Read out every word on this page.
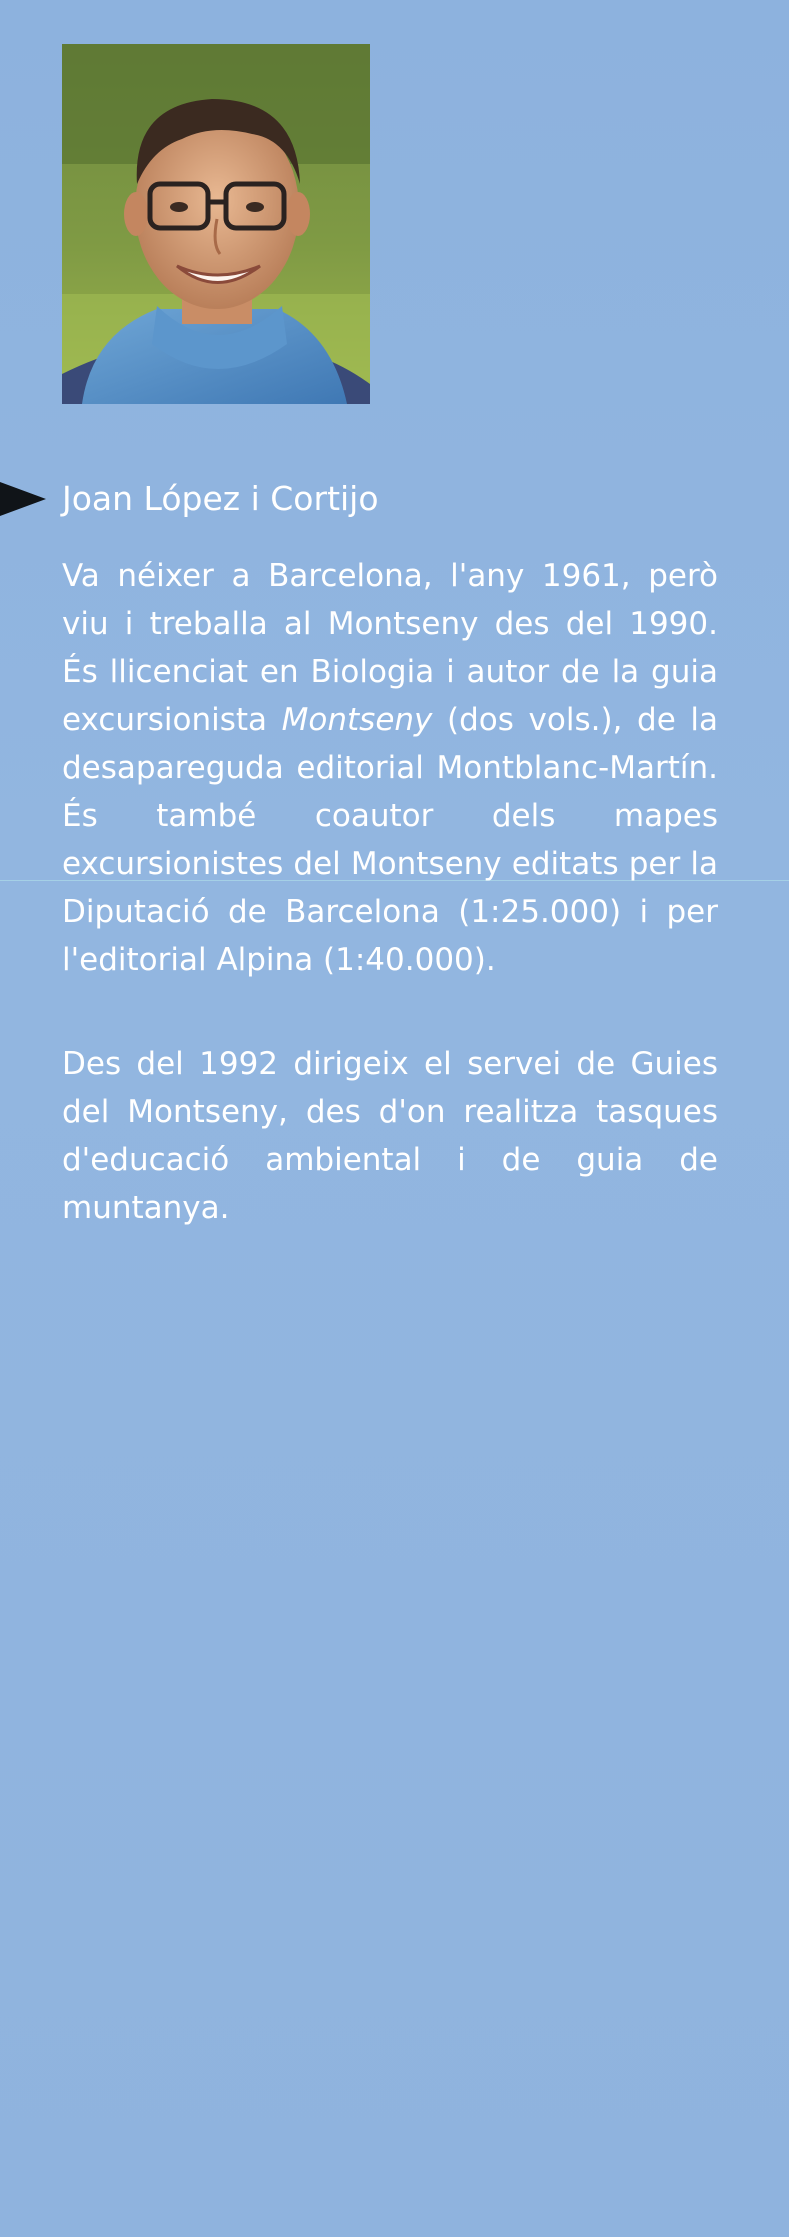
Joan López i Cortijo

Va néixer a Barcelona, l'any 1961, però viu i treballa al Montseny des del 1990. És llicenciat en Biologia i autor de la guia excursionista Montseny (dos vols.), de la desapareguda editorial Montblanc-Martín. És també coautor dels mapes excursionistes del Montseny editats per la Diputació de Barcelona (1:25.000) i per l'editorial Alpina (1:40.000).

Des del 1992 dirigeix el servei de Guies del Montseny, des d'on realitza tasques d'educació ambiental i de guia de muntanya.
